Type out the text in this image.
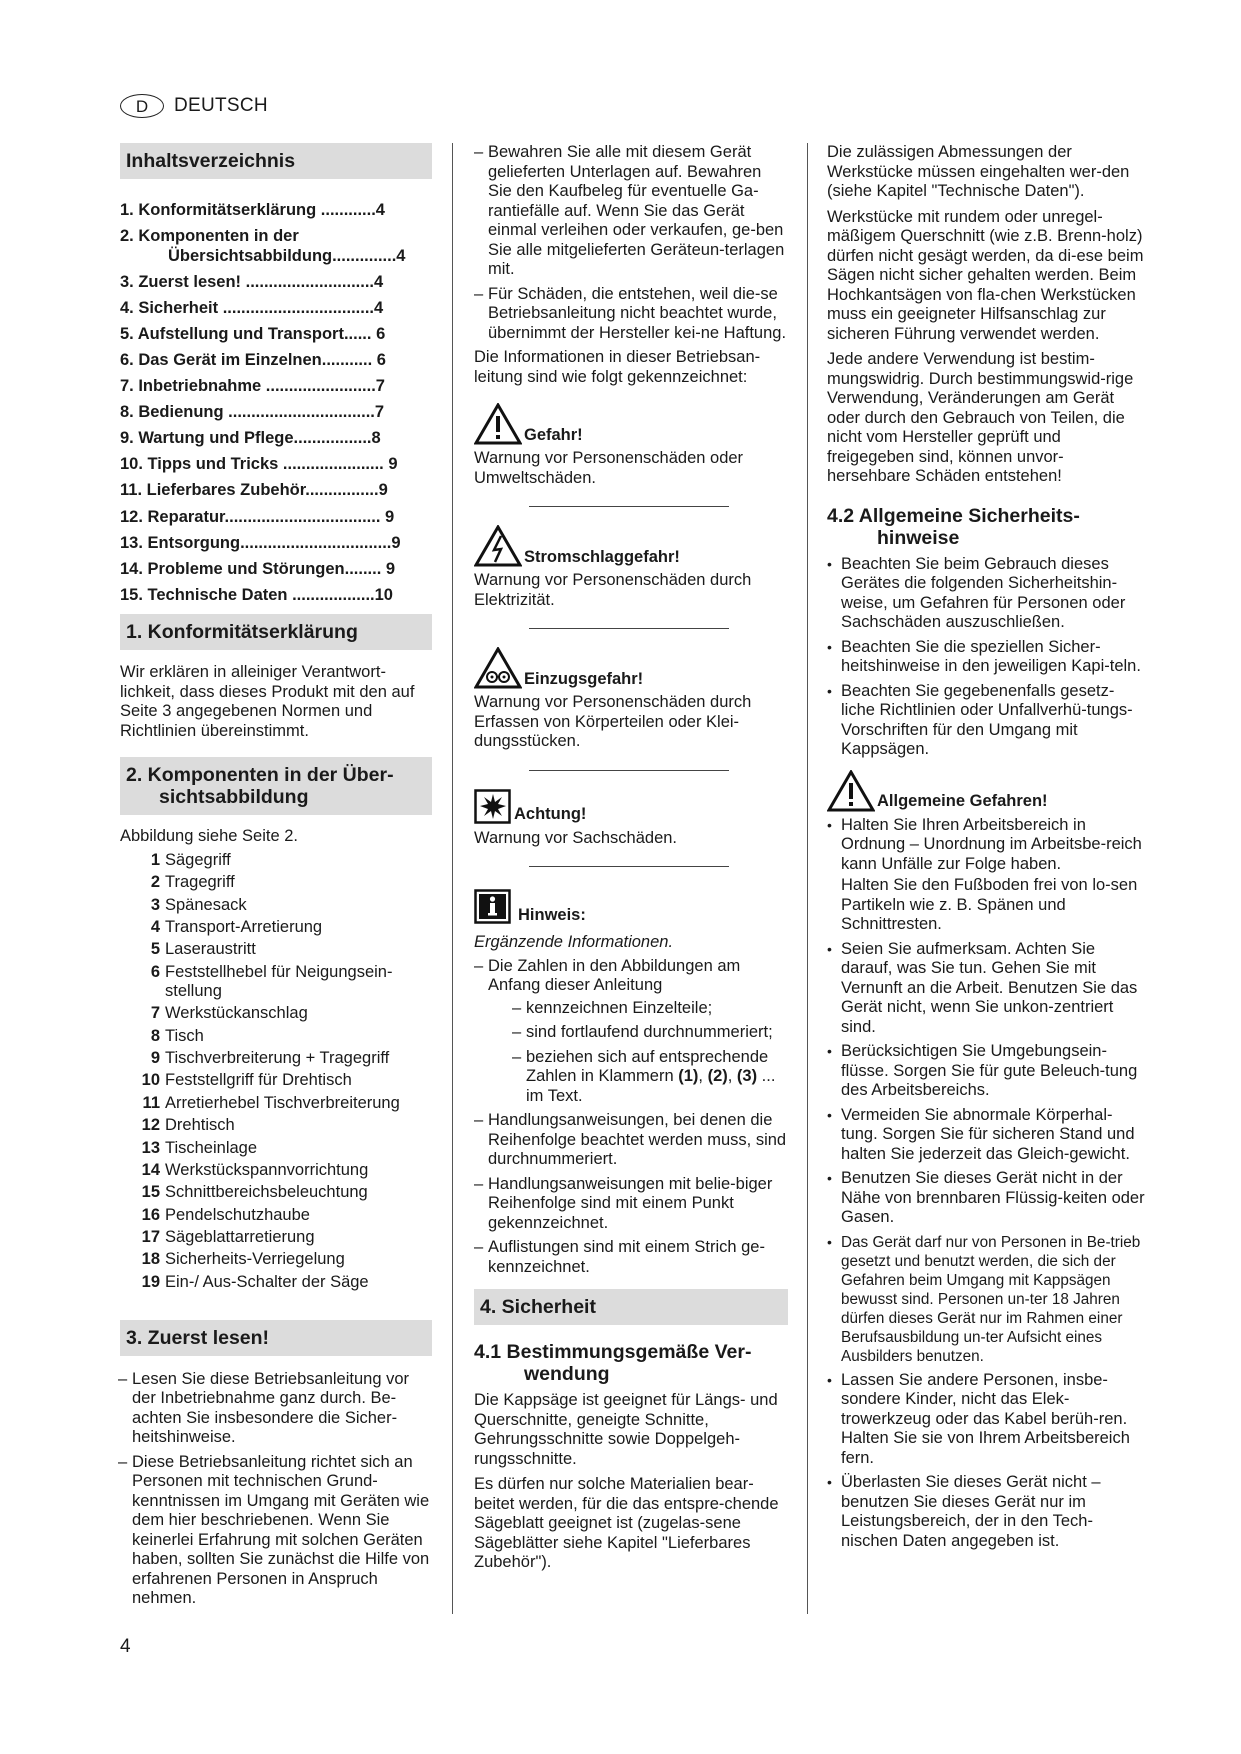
D	DEUTSCH
Inhaltsverzeichnis
1. Konformitätserklärung ............4
2. Komponenten in der
Übersichtsabbildung..............4
3. Zuerst lesen! ............................4
4. Sicherheit .................................4
5. Aufstellung und Transport...... 6
6. Das Gerät im Einzelnen........... 6
7. Inbetriebnahme ........................7
8. Bedienung ................................7
9. Wartung und Pflege.................8
10. Tipps und Tricks ...................... 9
11. Lieferbares Zubehör................9
12. Reparatur.................................. 9
13. Entsorgung.................................9
14. Probleme und Störungen........ 9
15. Technische Daten ..................10
1. Konformitätserklärung

Wir erklären in alleiniger Verantwort-lichkeit, dass dieses Produkt mit den auf Seite 3 angegebenen Normen und Richtlinien übereinstimmt.

2. Komponenten in der Über-
sichtsabbildung

Abbildung siehe Seite 2.

1 Sägegriff
2 Tragegriff
3 Spänesack
4 Transport-Arretierung
5 Laseraustritt
6 Feststellhebel für Neigungsein-stellung
7 Werkstückanschlag
8 Tisch
9 Tischverbreiterung + Tragegriff
10 Feststellgriff für Drehtisch
11 Arretierhebel Tischverbreiterung
12 Drehtisch
13 Tischeinlage
14 Werkstückspannvorrichtung
15 Schnittbereichsbeleuchtung
16 Pendelschutzhaube
17 Sägeblattarretierung
18 Sicherheits-Verriegelung
19 Ein-/ Aus-Schalter der Säge
3. Zuerst lesen!
– Lesen Sie diese Betriebsanleitung vor der Inbetriebnahme ganz durch. Be-achten Sie insbesondere die Sicher-heitshinweise.
– Diese Betriebsanleitung richtet sich an Personen mit technischen Grund-kenntnissen im Umgang mit Geräten wie dem hier beschriebenen. Wenn Sie keinerlei Erfahrung mit solchen Geräten haben, sollten Sie zunächst die Hilfe von erfahrenen Personen in Anspruch nehmen.
– Bewahren Sie alle mit diesem Gerät gelieferten Unterlagen auf. Bewahren Sie den Kaufbeleg für eventuelle Ga-rantiefälle auf. Wenn Sie das Gerät einmal verleihen oder verkaufen, ge-ben Sie alle mitgelieferten Geräteun-terlagen mit.
– Für Schäden, die entstehen, weil die-se Betriebsanleitung nicht beachtet wurde, übernimmt der Hersteller kei-ne Haftung.

Die Informationen in dieser Betriebsan-leitung sind wie folgt gekennzeichnet:

Gefahr!

Warnung vor Personenschäden oder Umweltschäden.

Stromschlaggefahr!

Warnung vor Personenschäden durch Elektrizität.

Einzugsgefahr!

Warnung vor Personenschäden durch Erfassen von Körperteilen oder Klei-dungsstücken.

Achtung!

Warnung vor Sachschäden.

Hinweis:

Ergänzende Informationen.

– Die Zahlen in den Abbildungen am Anfang dieser Anleitung
– kennzeichnen Einzelteile;
– sind fortlaufend durchnummeriert;
– beziehen sich auf entsprechende Zahlen in Klammern (1), (2), (3) ... im Text.
– Handlungsanweisungen, bei denen die Reihenfolge beachtet werden muss, sind durchnummeriert.
– Handlungsanweisungen mit belie-biger Reihenfolge sind mit einem Punkt gekennzeichnet.
– Auflistungen sind mit einem Strich ge-kennzeichnet.
4. Sicherheit
4.1 Bestimmungsgemäße Ver-
wendung

Die Kappsäge ist geeignet für Längs- und Querschnitte, geneigte Schnitte, Gehrungsschnitte sowie Doppelgeh-rungsschnitte.

Es dürfen nur solche Materialien bear-beitet werden, für die das entspre-chende Sägeblatt geeignet ist (zugelas-sene Sägeblätter siehe Kapitel "Lieferbares Zubehör").

Die zulässigen Abmessungen der Werkstücke müssen eingehalten wer-den (siehe Kapitel "Technische Daten").

Werkstücke mit rundem oder unregel-mäßigem Querschnitt (wie z.B. Brenn-holz) dürfen nicht gesägt werden, da di-ese beim Sägen nicht sicher gehalten werden. Beim Hochkantsägen von fla-chen Werkstücken muss ein geeigneter Hilfsanschlag zur sicheren Führung verwendet werden.

Jede andere Verwendung ist bestim-mungswidrig. Durch bestimmungswid-rige Verwendung, Veränderungen am Gerät oder durch den Gebrauch von Teilen, die nicht vom Hersteller geprüft und freigegeben sind, können unvor-hersehbare Schäden entstehen!

4.2 Allgemeine Sicherheits-
hinweise
• Beachten Sie beim Gebrauch dieses Gerätes die folgenden Sicherheitshin-weise, um Gefahren für Personen oder Sachschäden auszuschließen.
• Beachten Sie die speziellen Sicher-heitshinweise in den jeweiligen Kapi-teln.
• Beachten Sie gegebenenfalls gesetz-liche Richtlinien oder Unfallverhü-tungs-Vorschriften für den Umgang mit Kappsägen.
Allgemeine Gefahren!
• Halten Sie Ihren Arbeitsbereich in Ordnung – Unordnung im Arbeitsbe-reich kann Unfälle zur Folge haben.
Halten Sie den Fußboden frei von lo-sen Partikeln wie z. B. Spänen und Schnittresten.
• Seien Sie aufmerksam. Achten Sie darauf, was Sie tun. Gehen Sie mit Vernunft an die Arbeit. Benutzen Sie das Gerät nicht, wenn Sie unkon-zentriert sind.
• Berücksichtigen Sie Umgebungsein-flüsse. Sorgen Sie für gute Beleuch-tung des Arbeitsbereichs.
• Vermeiden Sie abnormale Körperhal-tung. Sorgen Sie für sicheren Stand und halten Sie jederzeit das Gleich-gewicht.
• Benutzen Sie dieses Gerät nicht in der Nähe von brennbaren Flüssig-keiten oder Gasen.
• Das Gerät darf nur von Personen in Be-trieb gesetzt und benutzt werden, die sich der Gefahren beim Umgang mit Kappsägen bewusst sind. Personen un-ter 18 Jahren dürfen dieses Gerät nur im Rahmen einer Berufsausbildung un-ter Aufsicht eines Ausbilders benutzen.
• Lassen Sie andere Personen, insbe-sondere Kinder, nicht das Elek-trowerkzeug oder das Kabel berüh-ren. Halten Sie sie von Ihrem Arbeitsbereich fern.
• Überlasten Sie dieses Gerät nicht – benutzen Sie dieses Gerät nur im Leistungsbereich, der in den Tech-nischen Daten angegeben ist.
4
